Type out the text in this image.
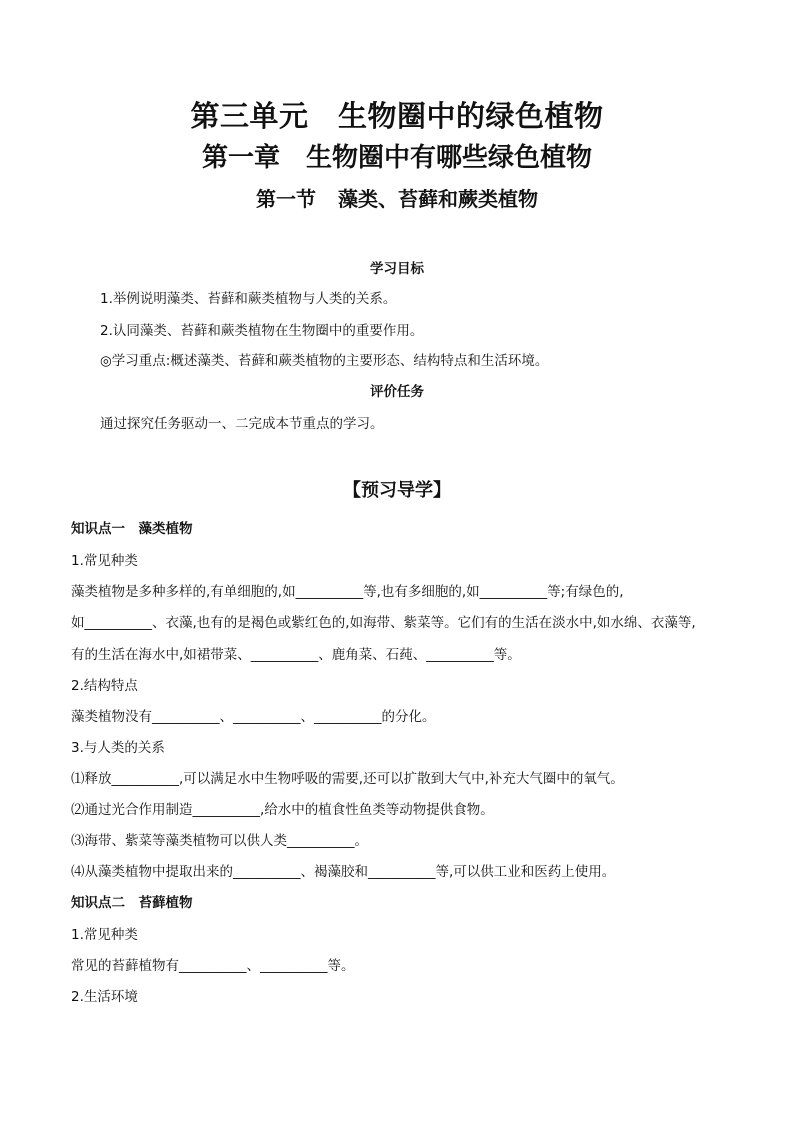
第三单元　生物圈中的绿色植物
第一章　生物圈中有哪些绿色植物
第一节 藻类、苔藓和蕨类植物
学习目标
1.举例说明藻类、苔藓和蕨类植物与人类的关系。
2.认同藻类、苔藓和蕨类植物在生物圈中的重要作用。
◎学习重点:概述藻类、苔藓和蕨类植物的主要形态、结构特点和生活环境。
评价任务
通过探究任务驱动一、二完成本节重点的学习。
【预习导学】
知识点一　藻类植物
1.常见种类
藻类植物是多种多样的,有单细胞的,如__________等,也有多细胞的,如__________等;有绿色的,
如__________、衣藻,也有的是褐色或紫红色的,如海带、紫菜等。它们有的生活在淡水中,如水绵、衣藻等,
有的生活在海水中,如裙带菜、__________、鹿角菜、石莼、__________等。
2.结构特点
藻类植物没有__________、__________、__________的分化。
3.与人类的关系
⑴释放__________,可以满足水中生物呼吸的需要,还可以扩散到大气中,补充大气圈中的氧气。
⑵通过光合作用制造__________,给水中的植食性鱼类等动物提供食物。
⑶海带、紫菜等藻类植物可以供人类__________。
⑷从藻类植物中提取出来的__________、褐藻胶和__________等,可以供工业和医药上使用。
知识点二　苔藓植物
1.常见种类
常见的苔藓植物有__________、__________等。
2.生活环境
